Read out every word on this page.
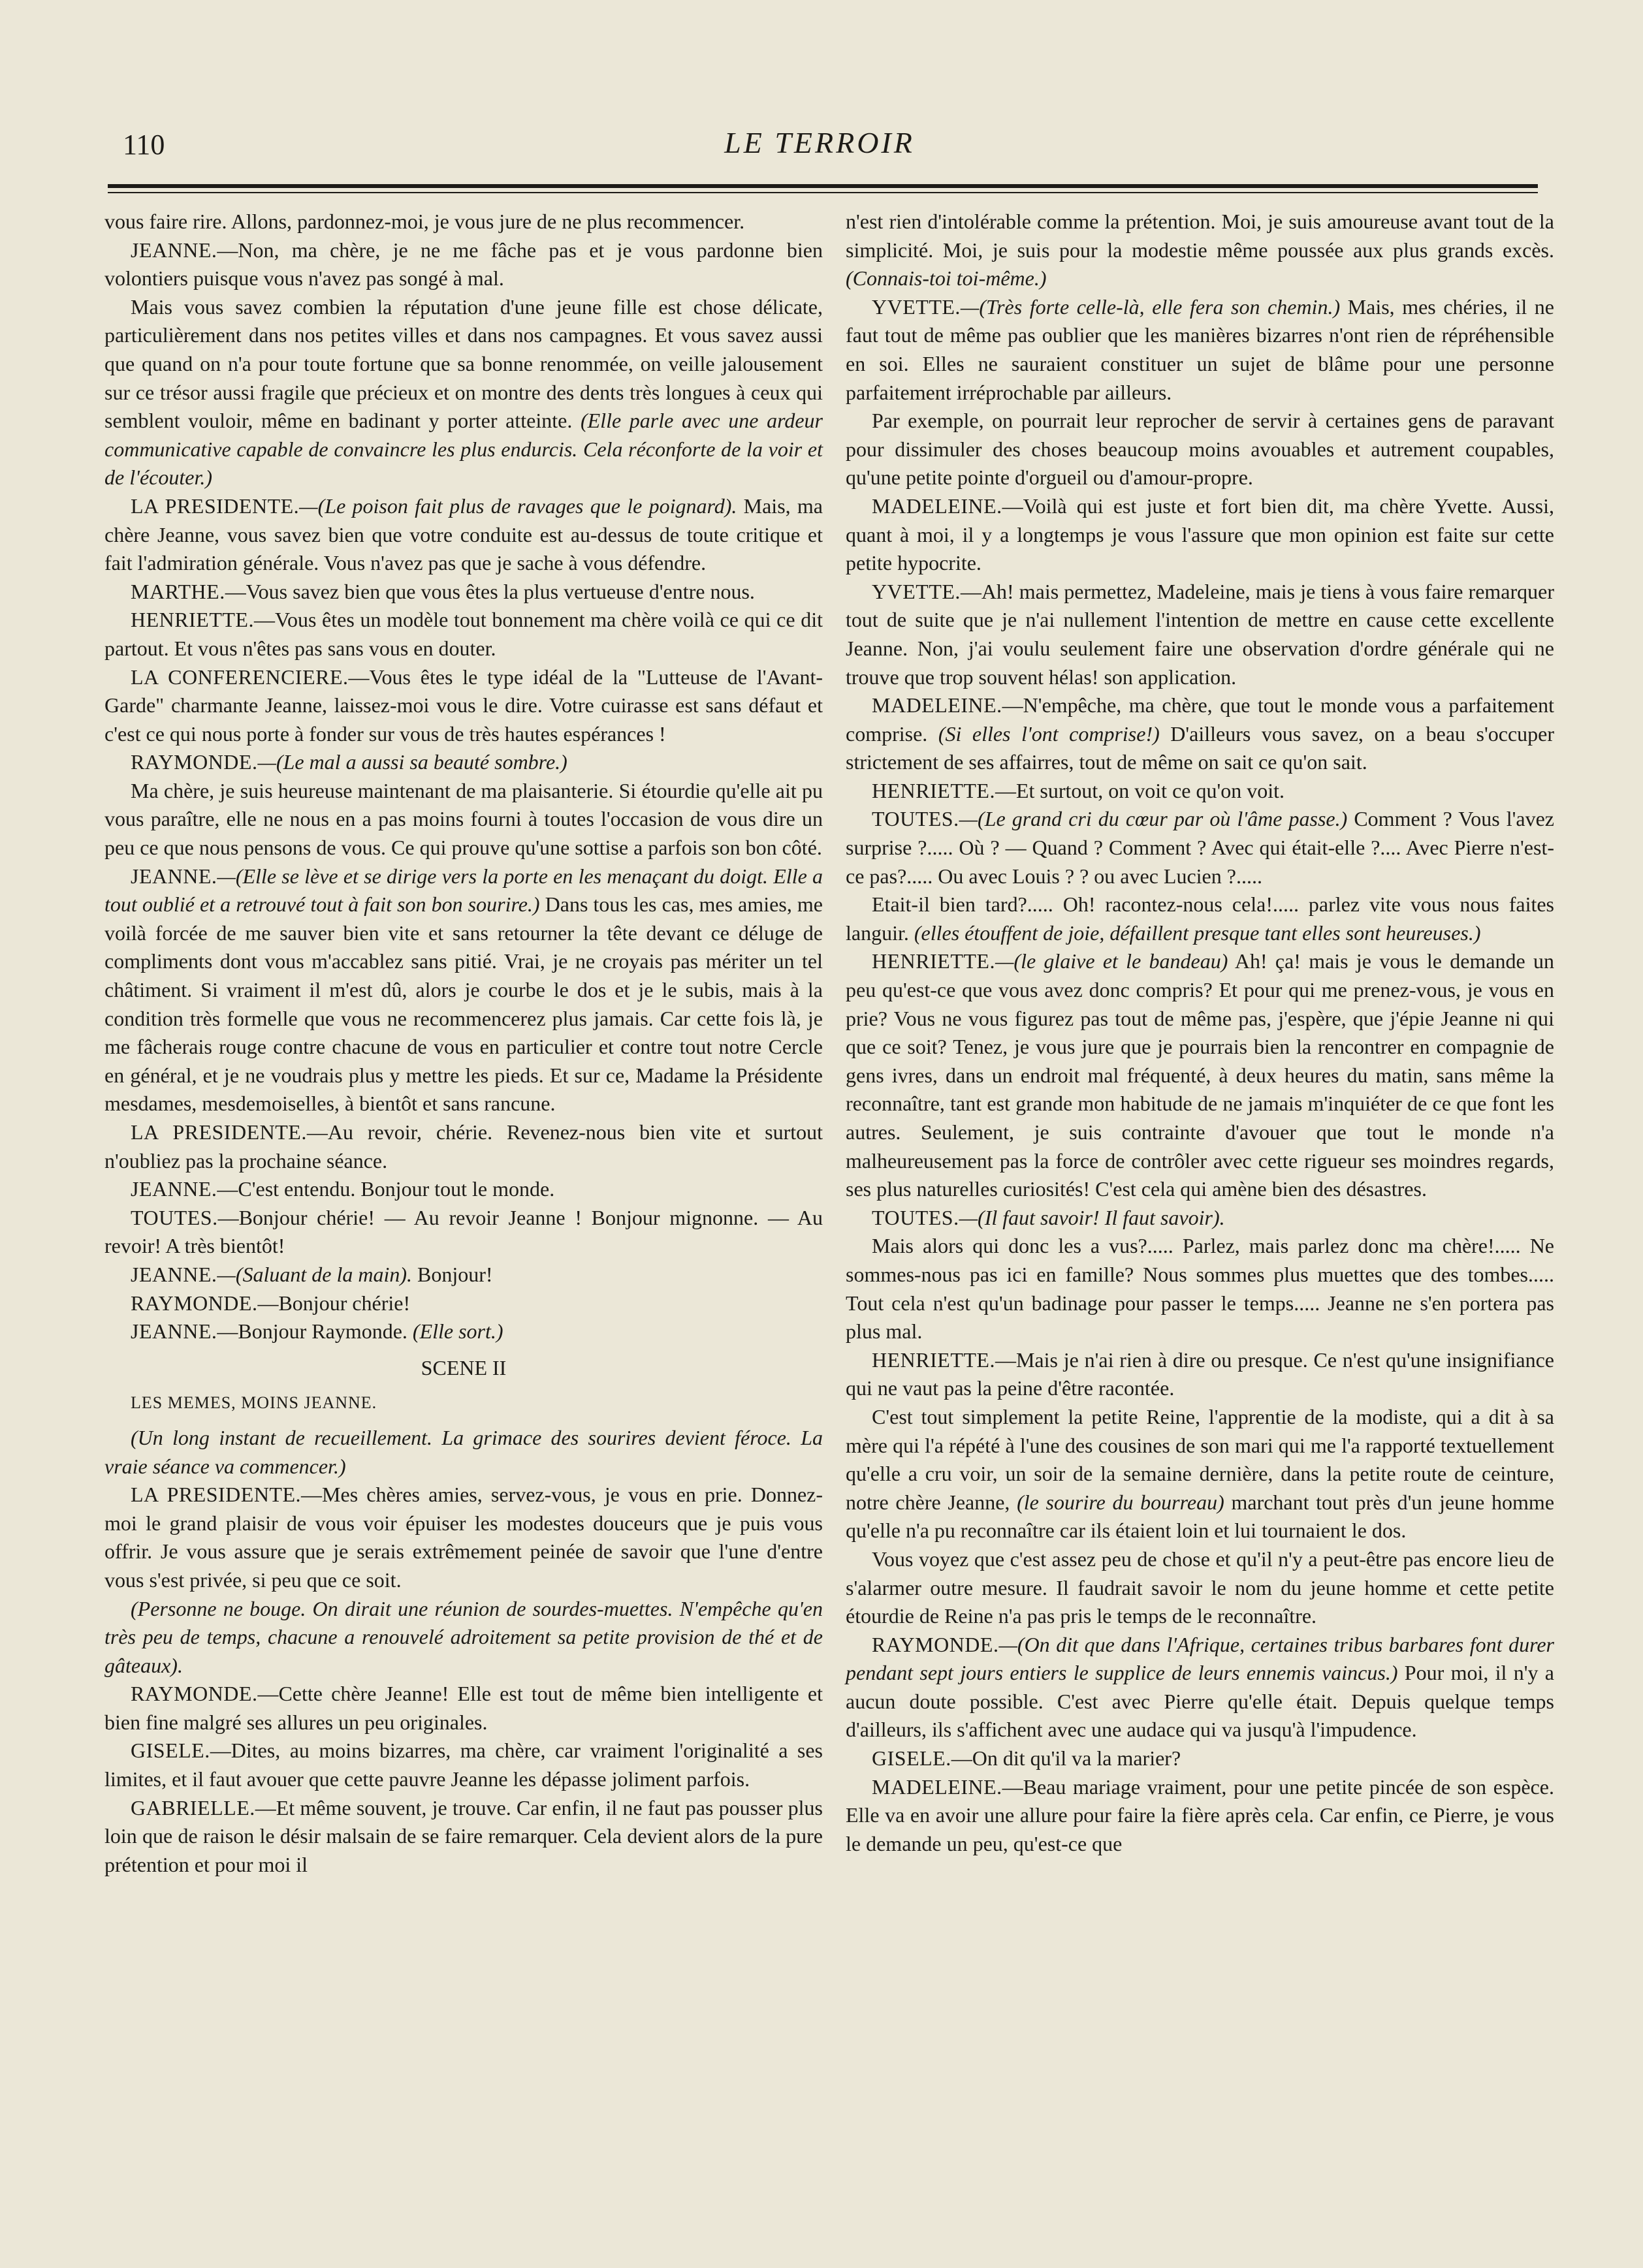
110	LE TERROIR

vous faire rire. Allons, pardonnez-moi, je vous jure de ne plus recommencer.

JEANNE.—Non, ma chère, je ne me fâche pas et je vous pardonne bien volontiers puisque vous n'avez pas songé à mal.

Mais vous savez combien la réputation d'une jeune fille est chose délicate, particulièrement dans nos petites villes et dans nos campagnes. Et vous savez aussi que quand on n'a pour toute fortune que sa bonne renommée, on veille jalousement sur ce trésor aussi fragile que précieux et on montre des dents très longues à ceux qui semblent vouloir, même en badinant y porter atteinte. (Elle parle avec une ardeur communicative capable de convaincre les plus endurcis. Cela réconforte de la voir et de l'écouter.)

LA PRESIDENTE.—(Le poison fait plus de ravages que le poignard). Mais, ma chère Jeanne, vous savez bien que votre conduite est au-dessus de toute critique et fait l'admiration générale. Vous n'avez pas que je sache à vous défendre.

MARTHE.—Vous savez bien que vous êtes la plus vertueuse d'entre nous.

HENRIETTE.—Vous êtes un modèle tout bonnement ma chère voilà ce qui ce dit partout. Et vous n'êtes pas sans vous en douter.

LA CONFERENCIERE.—Vous êtes le type idéal de la "Lutteuse de l'Avant-Garde" charmante Jeanne, laissez-moi vous le dire. Votre cuirasse est sans défaut et c'est ce qui nous porte à fonder sur vous de très hautes espérances !

RAYMONDE.—(Le mal a aussi sa beauté sombre.)

Ma chère, je suis heureuse maintenant de ma plaisanterie. Si étourdie qu'elle ait pu vous paraître, elle ne nous en a pas moins fourni à toutes l'occasion de vous dire un peu ce que nous pensons de vous. Ce qui prouve qu'une sottise a parfois son bon côté.

JEANNE.—(Elle se lève et se dirige vers la porte en les menaçant du doigt. Elle a tout oublié et a retrouvé tout à fait son bon sourire.) Dans tous les cas, mes amies, me voilà forcée de me sauver bien vite et sans retourner la tête devant ce déluge de compliments dont vous m'accablez sans pitié. Vrai, je ne croyais pas mériter un tel châtiment. Si vraiment il m'est dû, alors je courbe le dos et je le subis, mais à la condition très formelle que vous ne recommencerez plus jamais. Car cette fois là, je me fâcherais rouge contre chacune de vous en particulier et contre tout notre Cercle en général, et je ne voudrais plus y mettre les pieds. Et sur ce, Madame la Présidente mesdames, mesdemoiselles, à bientôt et sans rancune.

LA PRESIDENTE.—Au revoir, chérie. Revenez-nous bien vite et surtout n'oubliez pas la prochaine séance.

JEANNE.—C'est entendu. Bonjour tout le monde.

TOUTES.—Bonjour chérie! — Au revoir Jeanne ! Bonjour mignonne. — Au revoir! A très bientôt!

JEANNE.—(Saluant de la main). Bonjour!

RAYMONDE.—Bonjour chérie!

JEANNE.—Bonjour Raymonde. (Elle sort.)

SCENE II

LES MEMES, MOINS JEANNE.

(Un long instant de recueillement. La grimace des sourires devient féroce. La vraie séance va commencer.)

LA PRESIDENTE.—Mes chères amies, servez-vous, je vous en prie. Donnez-moi le grand plaisir de vous voir épuiser les modestes douceurs que je puis vous offrir. Je vous assure que je serais extrêmement peinée de savoir que l'une d'entre vous s'est privée, si peu que ce soit.

(Personne ne bouge. On dirait une réunion de sourdes-muettes. N'empêche qu'en très peu de temps, chacune a renouvelé adroitement sa petite provision de thé et de gâteaux).

RAYMONDE.—Cette chère Jeanne! Elle est tout de même bien intelligente et bien fine malgré ses allures un peu originales.

GISELE.—Dites, au moins bizarres, ma chère, car vraiment l'originalité a ses limites, et il faut avouer que cette pauvre Jeanne les dépasse joliment parfois.

GABRIELLE.—Et même souvent, je trouve. Car enfin, il ne faut pas pousser plus loin que de raison le désir malsain de se faire remarquer. Cela devient alors de la pure prétention et pour moi il

n'est rien d'intolérable comme la prétention. Moi, je suis amoureuse avant tout de la simplicité. Moi, je suis pour la modestie même poussée aux plus grands excès. (Connais-toi toi-même.)

YVETTE.—(Très forte celle-là, elle fera son chemin.) Mais, mes chéries, il ne faut tout de même pas oublier que les manières bizarres n'ont rien de répréhensible en soi. Elles ne sauraient constituer un sujet de blâme pour une personne parfaitement irréprochable par ailleurs.

Par exemple, on pourrait leur reprocher de servir à certaines gens de paravant pour dissimuler des choses beaucoup moins avouables et autrement coupables, qu'une petite pointe d'orgueil ou d'amour-propre.

MADELEINE.—Voilà qui est juste et fort bien dit, ma chère Yvette. Aussi, quant à moi, il y a longtemps je vous l'assure que mon opinion est faite sur cette petite hypocrite.

YVETTE.—Ah! mais permettez, Madeleine, mais je tiens à vous faire remarquer tout de suite que je n'ai nullement l'intention de mettre en cause cette excellente Jeanne. Non, j'ai voulu seulement faire une observation d'ordre générale qui ne trouve que trop souvent hélas! son application.

MADELEINE.—N'empêche, ma chère, que tout le monde vous a parfaitement comprise. (Si elles l'ont comprise!) D'ailleurs vous savez, on a beau s'occuper strictement de ses affairres, tout de même on sait ce qu'on sait.

HENRIETTE.—Et surtout, on voit ce qu'on voit.

TOUTES.—(Le grand cri du cœur par où l'âme passe.) Comment ? Vous l'avez surprise ?..... Où ? — Quand ? Comment ? Avec qui était-elle ?.... Avec Pierre n'est-ce pas?..... Ou avec Louis ? ? ou avec Lucien ?.....

Etait-il bien tard?..... Oh! racontez-nous cela!..... parlez vite vous nous faites languir. (elles étouffent de joie, défaillent presque tant elles sont heureuses.)

HENRIETTE.—(le glaive et le bandeau) Ah! ça! mais je vous le demande un peu qu'est-ce que vous avez donc compris? Et pour qui me prenez-vous, je vous en prie? Vous ne vous figurez pas tout de même pas, j'espère, que j'épie Jeanne ni qui que ce soit? Tenez, je vous jure que je pourrais bien la rencontrer en compagnie de gens ivres, dans un endroit mal fréquenté, à deux heures du matin, sans même la reconnaître, tant est grande mon habitude de ne jamais m'inquiéter de ce que font les autres. Seulement, je suis contrainte d'avouer que tout le monde n'a malheureusement pas la force de contrôler avec cette rigueur ses moindres regards, ses plus naturelles curiosités! C'est cela qui amène bien des désastres.

TOUTES.—(Il faut savoir! Il faut savoir).

Mais alors qui donc les a vus?..... Parlez, mais parlez donc ma chère!..... Ne sommes-nous pas ici en famille? Nous sommes plus muettes que des tombes..... Tout cela n'est qu'un badinage pour passer le temps..... Jeanne ne s'en portera pas plus mal.

HENRIETTE.—Mais je n'ai rien à dire ou presque. Ce n'est qu'une insignifiance qui ne vaut pas la peine d'être racontée.

C'est tout simplement la petite Reine, l'apprentie de la modiste, qui a dit à sa mère qui l'a répété à l'une des cousines de son mari qui me l'a rapporté textuellement qu'elle a cru voir, un soir de la semaine dernière, dans la petite route de ceinture, notre chère Jeanne, (le sourire du bourreau) marchant tout près d'un jeune homme qu'elle n'a pu reconnaître car ils étaient loin et lui tournaient le dos.

Vous voyez que c'est assez peu de chose et qu'il n'y a peut-être pas encore lieu de s'alarmer outre mesure. Il faudrait savoir le nom du jeune homme et cette petite étourdie de Reine n'a pas pris le temps de le reconnaître.

RAYMONDE.—(On dit que dans l'Afrique, certaines tribus barbares font durer pendant sept jours entiers le supplice de leurs ennemis vaincus.) Pour moi, il n'y a aucun doute possible. C'est avec Pierre qu'elle était. Depuis quelque temps d'ailleurs, ils s'affichent avec une audace qui va jusqu'à l'impudence.

GISELE.—On dit qu'il va la marier?

MADELEINE.—Beau mariage vraiment, pour une petite pincée de son espèce. Elle va en avoir une allure pour faire la fière après cela. Car enfin, ce Pierre, je vous le demande un peu, qu'est-ce que
